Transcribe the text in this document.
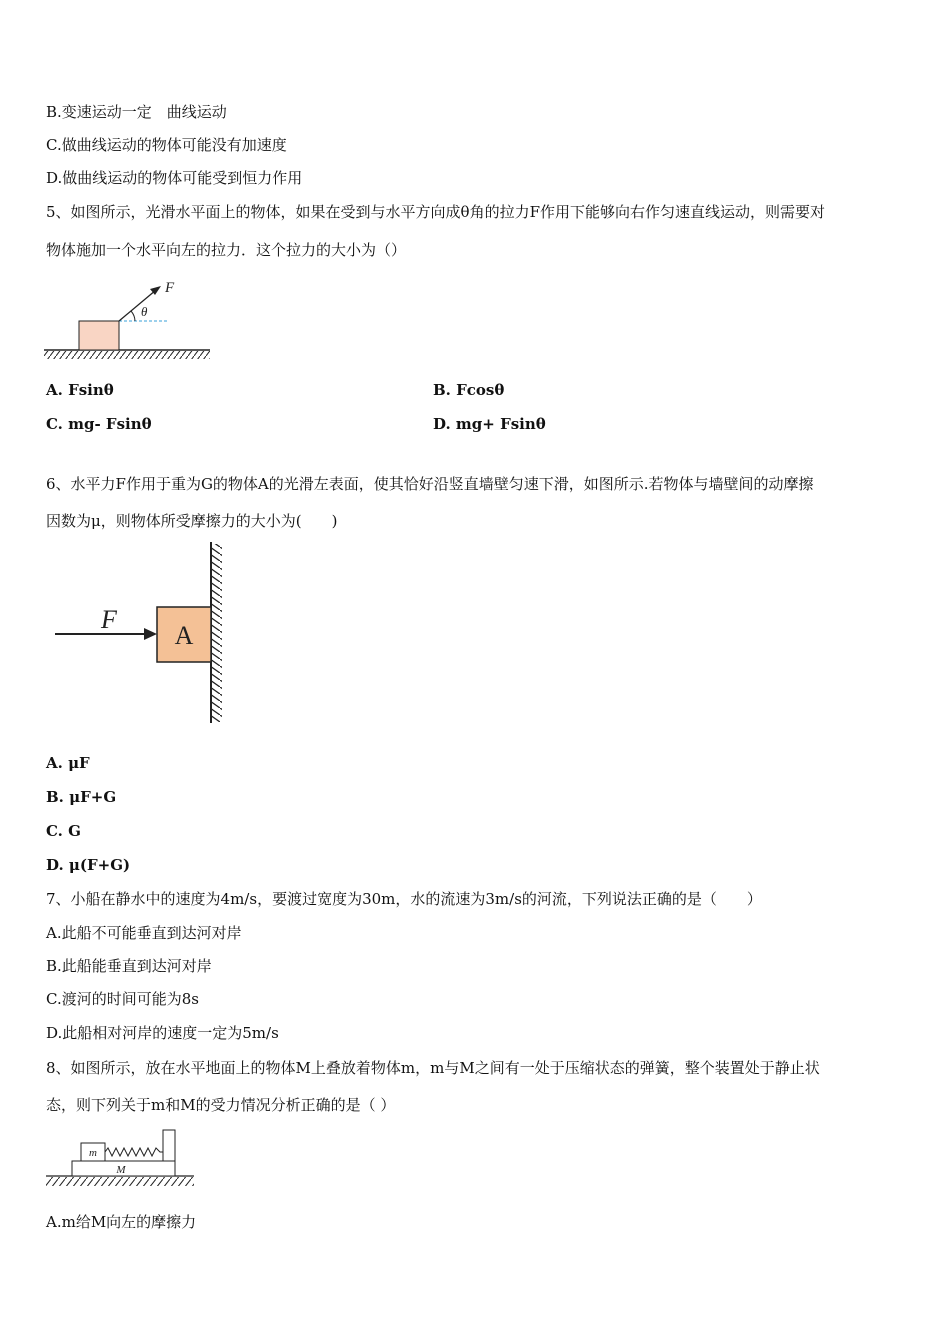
B.变速运动一定　曲线运动
C.做曲线运动的物体可能没有加速度
D.做曲线运动的物体可能受到恒力作用
5、如图所示，光滑水平面上的物体，如果在受到与水平方向成θ角的拉力F作用下能够向右作匀速直线运动，则需要对
物体施加一个水平向左的拉力．这个拉力的大小为（）
F
θ
A. Fsinθ	B. Fcosθ
C. mg- Fsinθ	D. mg+ Fsinθ
6、水平力F作用于重为G的物体A的光滑左表面，使其恰好沿竖直墙壁匀速下滑，如图所示.若物体与墙壁间的动摩擦
因数为μ，则物体所受摩擦力的大小为(　　)
A
F
A. μF
B. μF+G
C. G
D. μ(F+G)
7、小船在静水中的速度为4m/s，要渡过宽度为30m，水的流速为3m/s的河流，下列说法正确的是（　　）
A.此船不可能垂直到达河对岸
B.此船能垂直到达河对岸
C.渡河的时间可能为8s
D.此船相对河岸的速度一定为5m/s
8、如图所示，放在水平地面上的物体M上叠放着物体m，m与M之间有一处于压缩状态的弹簧，整个装置处于静止状
态，则下列关于m和M的受力情况分析正确的是（ ）
m
M
A.m给M向左的摩擦力
